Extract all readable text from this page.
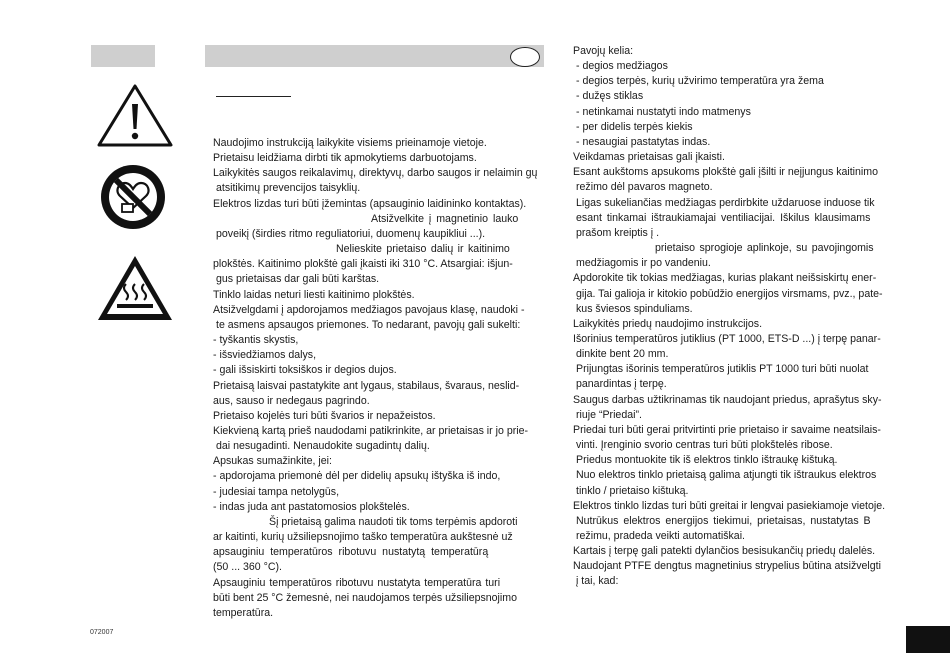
Naudojimo instrukciją laikykite visiems prieinamoje vietoje.

Prietaisu leidžiama dirbti tik apmokytiems darbuotojams.

Laikykitės saugos reikalavimų, direktyvų, darbo saugos ir nelaimin gų

atsitikimų prevencijos taisyklių.

Elektros lizdas turi būti įžemintas (apsauginio laidininko kontaktas).

Atsižvelkite į magnetinio lauko

poveikį (širdies ritmo reguliatoriui, duomenų kaupikliui ...).

Nelieskite prietaiso dalių ir kaitinimo

plokštės. Kaitinimo plokštė gali įkaisti iki 310 °C. Atsargiai: išjun-

gus prietaisas dar gali būti karštas.

Tinklo laidas neturi liesti kaitinimo plokštės.

Atsižvelgdami į apdorojamos medžiagos pavojaus klasę, naudoki -

te asmens apsaugos priemones. To nedarant, pavojų gali sukelti:

- tyškantis skystis,

- išsviedžiamos dalys,

- gali išsiskirti toksiškos ir degios dujos.

Prietaisą laisvai pastatykite ant lygaus, stabilaus, švaraus, neslid-

aus, sauso ir nedegaus pagrindo.

Prietaiso kojelės turi būti švarios ir nepažeistos.

Kiekvieną kartą prieš naudodami patikrinkite, ar prietaisas ir jo prie-

dai nesugadinti. Nenaudokite sugadintų dalių.

Apsukas sumažinkite, jei:

- apdorojama priemonė dėl per didelių apsukų ištyška iš indo,

- judesiai tampa netolygūs,

- indas juda ant pastatomosios plokštelės.

Šį prietaisą galima naudoti tik toms terpėmis apdoroti

ar kaitinti, kurių užsiliepsnojimo taško temperatūra aukštesnė už

apsauginiu temperatūros ribotuvu nustatytą temperatūrą

(50 ... 360 °C).

Apsauginiu temperatūros ribotuvu nustatyta temperatūra turi

būti bent 25 °C žemesnė, nei naudojamos terpės užsiliepsnojimo

temperatūra.

Pavojų kelia:

- degios medžiagos

- degios terpės, kurių užvirimo temperatūra yra žema

- dužęs stiklas

- netinkamai nustatyti indo matmenys

- per didelis terpės kiekis

- nesaugiai pastatytas indas.

Veikdamas prietaisas gali įkaisti.

Esant aukštoms apsukoms plokštė gali įšilti ir neįjungus kaitinimo

režimo dėl pavaros magneto.

Ligas sukeliančias medžiagas perdirbkite uždaruose induose tik

esant tinkamai ištraukiamajai ventiliacijai. Iškilus klausimams

prašom kreiptis į .

prietaiso sprogioje aplinkoje, su pavojingomis

medžiagomis ir po vandeniu.

Apdorokite tik tokias medžiagas, kurias plakant neišsiskirtų ener-

gija. Tai galioja ir kitokio pobūdžio energijos virsmams, pvz., pate-

kus šviesos spinduliams.

Laikykitės priedų naudojimo instrukcijos.

Išorinius temperatūros jutiklius (PT 1000, ETS-D ...) į terpę panar-

dinkite bent 20 mm.

Prijungtas išorinis temperatūros jutiklis PT 1000 turi būti nuolat

panardintas į terpę.

Saugus darbas užtikrinamas tik naudojant priedus, aprašytus sky-

riuje “Priedai”.

Priedai turi būti gerai pritvirtinti prie prietaiso ir savaime neatsilais-

vinti. Įrenginio svorio centras turi būti plokštelės ribose.

Priedus montuokite tik iš elektros tinklo ištraukę kištuką.

Nuo elektros tinklo prietaisą galima atjungti tik ištraukus elektros

tinklo / prietaiso kištuką.

Elektros tinklo lizdas turi būti greitai ir lengvai pasiekiamoje vietoje.

Nutrūkus elektros energijos tiekimui, prietaisas, nustatytas B

režimu, pradeda veikti automatiškai.

Kartais į terpę gali patekti dylančios besisukančių priedų dalelės.

Naudojant PTFE dengtus magnetinius strypelius būtina atsižvelgti

į tai, kad:

072007
